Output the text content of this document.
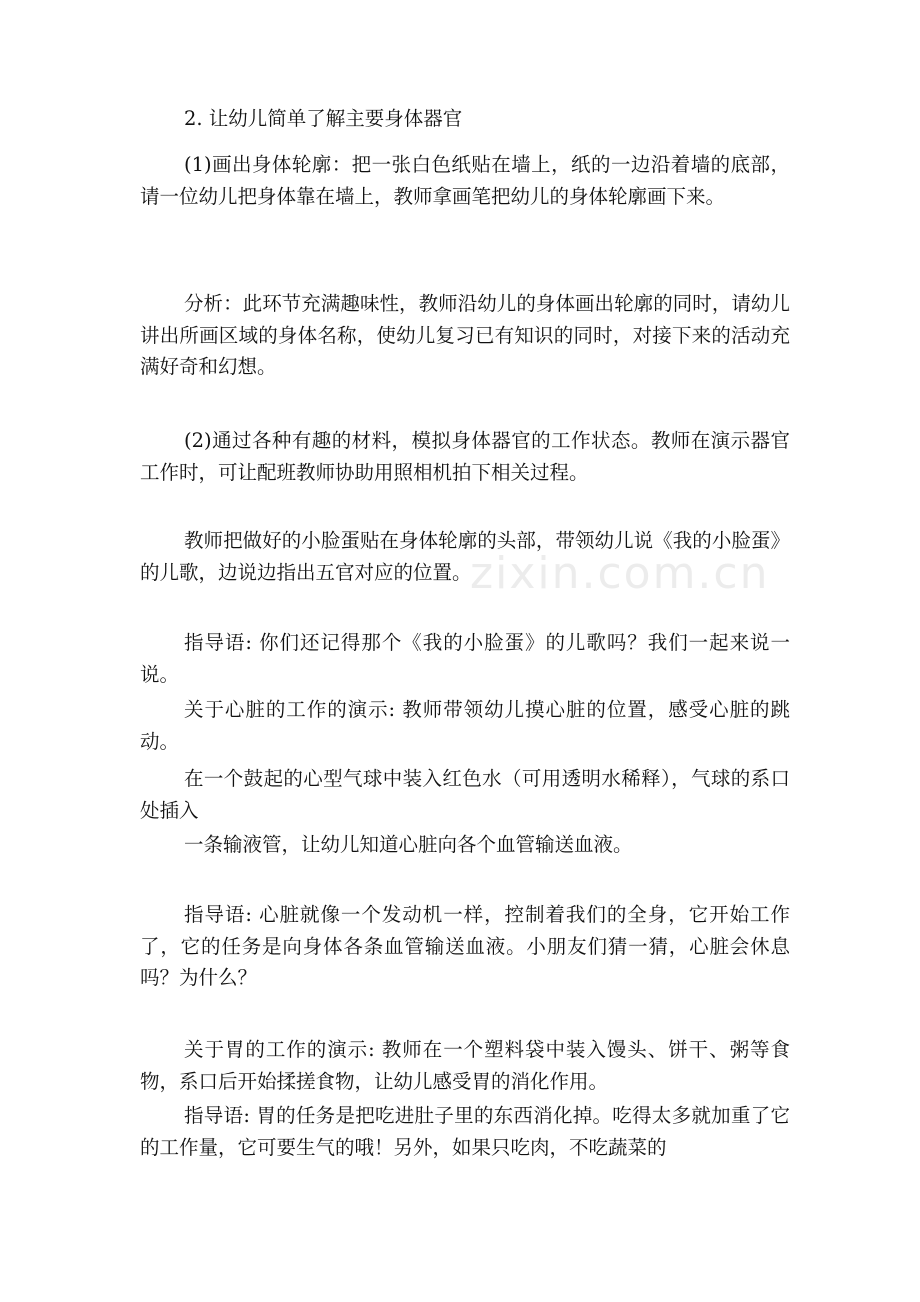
zixin.com.cn

2. 让幼儿简单了解主要身体器官

(1)画出身体轮廓：把一张白色纸贴在墙上，纸的一边沿着墙的底部，请一位幼儿把身体靠在墙上，教师拿画笔把幼儿的身体轮廓画下来。

分析：此环节充满趣味性，教师沿幼儿的身体画出轮廓的同时，请幼儿讲出所画区域的身体名称，使幼儿复习已有知识的同时，对接下来的活动充满好奇和幻想。

(2)通过各种有趣的材料，模拟身体器官的工作状态。教师在演示器官工作时，可让配班教师协助用照相机拍下相关过程。

教师把做好的小脸蛋贴在身体轮廓的头部，带领幼儿说《我的小脸蛋》的儿歌，边说边指出五官对应的位置。

指导语: 你们还记得那个《我的小脸蛋》的儿歌吗？我们一起来说一说。

关于心脏的工作的演示: 教师带领幼儿摸心脏的位置，感受心脏的跳动。

在一个鼓起的心型气球中装入红色水（可用透明水稀释），气球的系口处插入

一条输液管，让幼儿知道心脏向各个血管输送血液。

指导语: 心脏就像一个发动机一样，控制着我们的全身，它开始工作了，它的任务是向身体各条血管输送血液。小朋友们猜一猜，心脏会休息吗？为什么？

关于胃的工作的演示: 教师在一个塑料袋中装入馒头、饼干、粥等食物，系口后开始揉搓食物，让幼儿感受胃的消化作用。

指导语: 胃的任务是把吃进肚子里的东西消化掉。吃得太多就加重了它的工作量，它可要生气的哦！另外，如果只吃肉，不吃蔬菜的
